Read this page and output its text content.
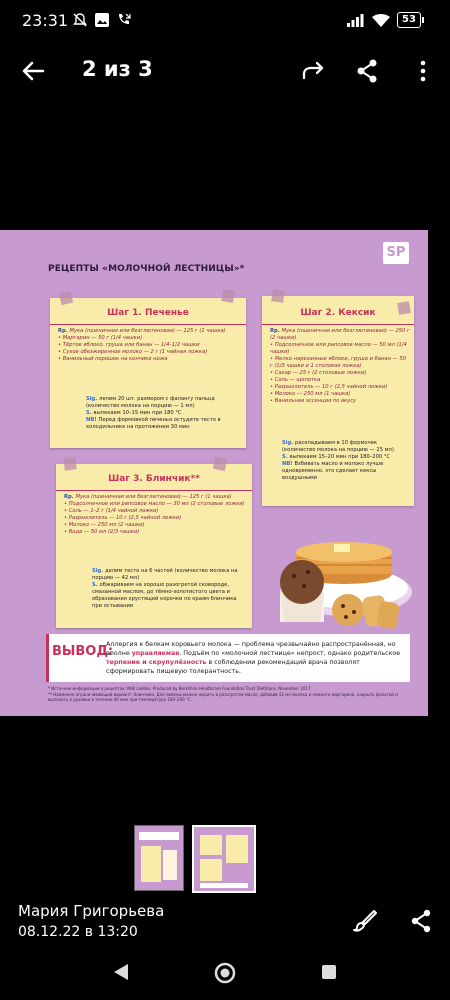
23:31	53
2 из 3
РЕЦЕПТЫ «МОЛОЧНОЙ ЛЕСТНИЦЫ»*
SP
Шаг 1. Печенье
Rp. Мука (пшеничная или безглютеновая) — 125 г (1 чашка)
• Маргарин — 50 г (1/4 чашки)
• Тёртое яблоко, груша или банан — 1/4–1/2 чашки
• Сухое обезжиренное молоко — 2 г (1 чайная ложка)
• Ванильный порошок на кончике ножа
Sig. лепим 20 шт. размером с фалангу пальца (количество молока на порцию — 1 мл)
S. выпекаем 10–15 мин при 180 °С
NB! Перед формовкой печенья остудите тесто в холодильнике на протяжении 30 мин
Шаг 2. Кексик
Rp. Мука (пшеничная или безглютеновая) — 250 г (2 чашки)
• Подсолнечное или рапсовое масло — 50 мл (1/4 чашки)
• Мелко нарезанные яблоки, груша и банан — 50 г (1/3 чашки и 1 столовая ложка)
• Сахар — 25 г (2 столовые ложки)
• Соль — щепотка
• Разрыхлитель — 10 г (2,5 чайной ложки)
• Молоко — 250 мл (1 чашка)
• Ванильная эссенция по вкусу
Sig. раскладываем в 10 формочек (количество молока на порцию — 25 мл)
S. выпекаем 15–20 мин при 180–200 °С
NB! Взбивать масло и молоко лучше одновременно, это сделает кексы воздушными
Шаг 3. Блинчик**
Rp. Мука (пшеничная или безглютеновая) — 125 г (1 чашка)
• Подсолнечное или рапсовое масло — 30 мл (2 столовые ложки)
• Соль — 1–2 г (1/4 чайной ложки)
• Разрыхлитель — 10 г (2,5 чайной ложки)
• Молоко — 250 мл (2 чашки)
• Вода — 50 мл (2/3 чашки)
Sig. делим тесто на 6 частей (количество молока на порцию — 42 мл)
S. обжариваем на хорошо разогретой сковороде, смазанной маслом, до тёмно-золотистого цвета и образования хрустящей корочки по краям блинчика при остывании
ВЫВОД:
Аллергия к белкам коровьего молока — проблема чрезвычайно распространённая, но вполне управляемая. Подъём по «молочной лестнице» непрост, однако родительское терпение и скрупулёзность в соблюдении рекомендаций врача позволят сформировать пищевую толерантность.
* Источник информации о рецептах: Milk Ladder, Produced by Berkshire Healthcare Foundation Trust Dietitians, November 2017.
** Наименее ограничивающий вариант: блинчики. Для замены можно жарить в разогретом масле, добавив 42 мл молока и немного маргарина, накрыть фольгой и выпекать в духовке в течение 40 мин при температуре 180–200 °С.
Мария Григорьева
08.12.22 в 13:20
